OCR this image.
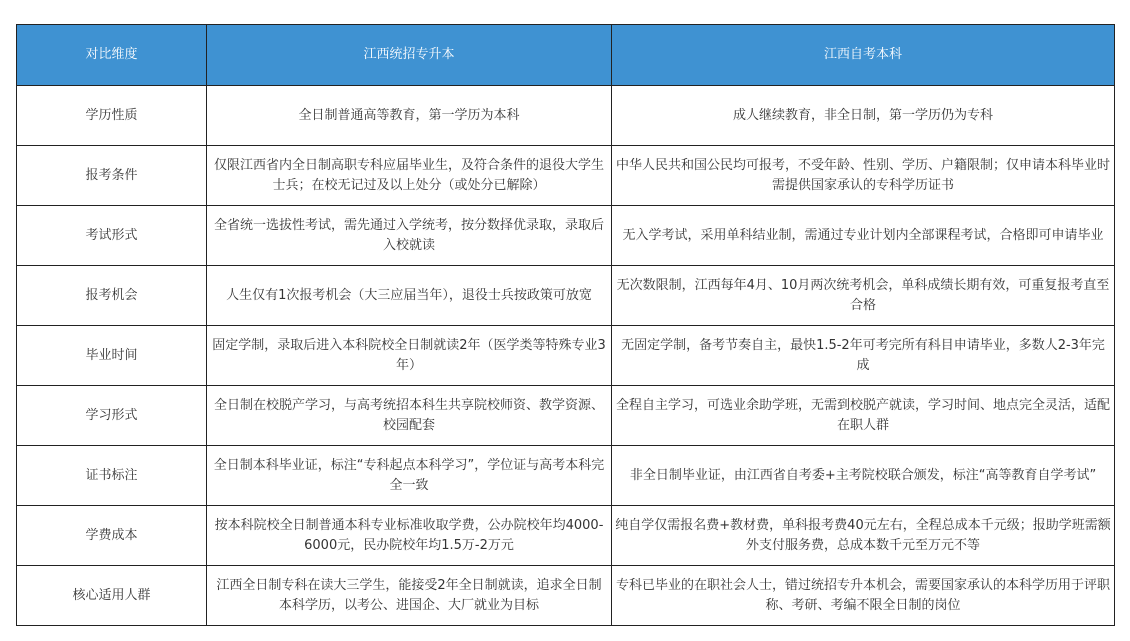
对比维度	江西统招专升本	江西自考本科
学历性质	全日制普通高等教育，第一学历为本科	成人继续教育，非全日制，第一学历仍为专科
报考条件	仅限江西省内全日制高职专科应届毕业生，及符合条件的退役大学生士兵；在校无记过及以上处分（或处分已解除）	中华人民共和国公民均可报考，不受年龄、性别、学历、户籍限制；仅申请本科毕业时需提供国家承认的专科学历证书
考试形式	全省统一选拔性考试，需先通过入学统考，按分数择优录取，录取后入校就读	无入学考试，采用单科结业制，需通过专业计划内全部课程考试，合格即可申请毕业
报考机会	人生仅有1次报考机会（大三应届当年），退役士兵按政策可放宽	无次数限制，江西每年4月、10月两次统考机会，单科成绩长期有效，可重复报考直至合格
毕业时间	固定学制，录取后进入本科院校全日制就读2年（医学类等特殊专业3年）	无固定学制，备考节奏自主，最快1.5-2年可考完所有科目申请毕业，多数人2-3年完成
学习形式	全日制在校脱产学习，与高考统招本科生共享院校师资、教学资源、校园配套	全程自主学习，可选业余助学班，无需到校脱产就读，学习时间、地点完全灵活，适配在职人群
证书标注	全日制本科毕业证，标注“专科起点本科学习”，学位证与高考本科完全一致	非全日制毕业证，由江西省自考委+主考院校联合颁发，标注“高等教育自学考试”
学费成本	按本科院校全日制普通本科专业标准收取学费，公办院校年均4000-6000元，民办院校年均1.5万-2万元	纯自学仅需报名费+教材费，单科报考费40元左右，全程总成本千元级；报助学班需额外支付服务费，总成本数千元至万元不等
核心适用人群	江西全日制专科在读大三学生，能接受2年全日制就读，追求全日制本科学历，以考公、进国企、大厂就业为目标	专科已毕业的在职社会人士，错过统招专升本机会，需要国家承认的本科学历用于评职称、考研、考编不限全日制的岗位
